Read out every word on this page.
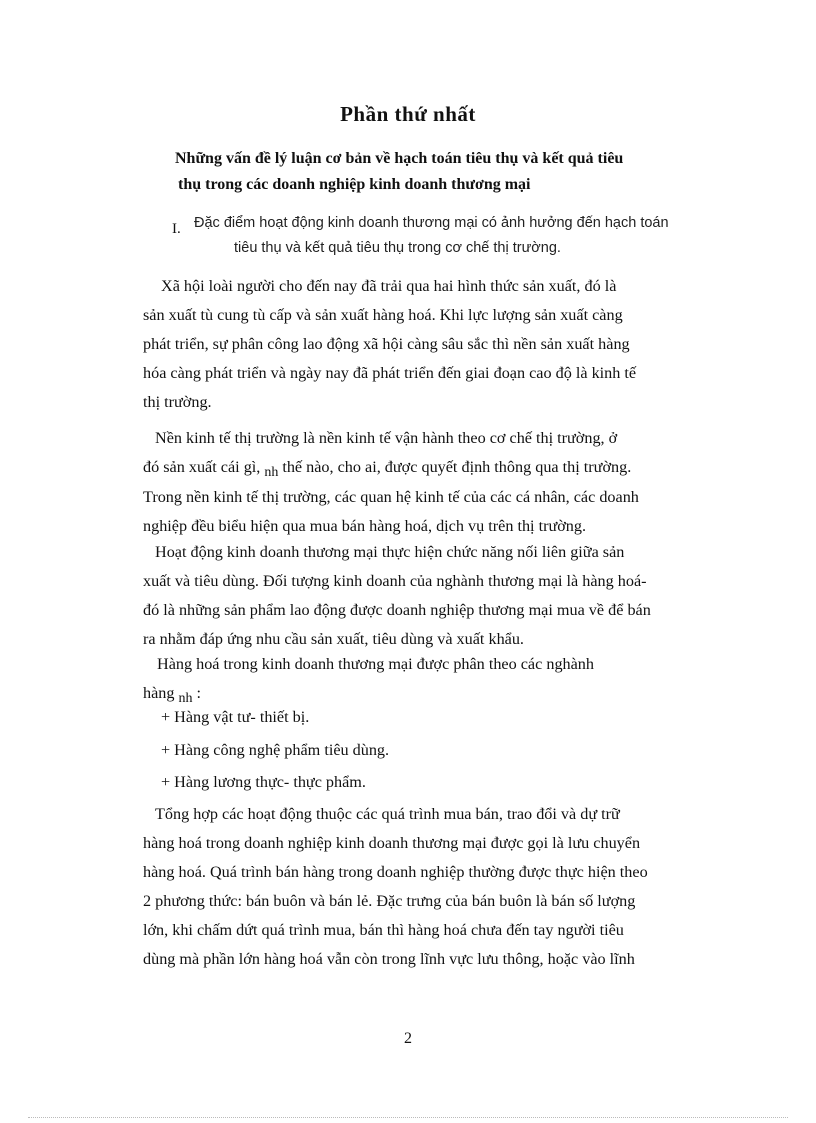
Phần thứ nhất
Những vấn đề lý luận cơ bản về hạch toán tiêu thụ và kết quả tiêu
thụ trong các doanh nghiệp kinh doanh thương mại
I. Đặc điểm hoạt động kinh doanh thương mại có ảnh hưởng đến hạch toán
tiêu thụ và kết quả tiêu thụ trong cơ chế thị trường.
Xã hội loài người cho đến nay đã trải qua hai hình thức sản xuất, đó là
sản xuất tù cung tù cấp và sản xuất hàng hoá. Khi lực lượng sản xuất càng
phát triển, sự phân công lao động xã hội càng sâu sắc thì nền sản xuất hàng
hóa càng phát triển và ngày nay đã phát triển đến giai đoạn cao độ là kinh tế
thị trường.
Nền kinh tế thị trường là nền kinh tế vận hành theo cơ chế thị trường, ở
đó sản xuất cái gì, nh thế nào, cho ai, được quyết định thông qua thị trường.
Trong nền kinh tế thị trường, các quan hệ kinh tế của các cá nhân, các doanh
nghiệp đều biểu hiện qua mua bán hàng hoá, dịch vụ trên thị trường.
Hoạt động kinh doanh thương mại thực hiện chức năng nối liên giữa sản
xuất và tiêu dùng. Đối tượng kinh doanh của nghành thương mại là hàng hoá-
đó là những sản phẩm lao động được doanh nghiệp thương mại mua về để bán
ra nhằm đáp ứng nhu cầu sản xuất, tiêu dùng và xuất khẩu.
Hàng hoá trong kinh doanh thương mại được phân theo các nghành
hàng nh :
+ Hàng vật tư- thiết bị.
+ Hàng công nghệ phẩm tiêu dùng.
+ Hàng lương thực- thực phẩm.
Tổng hợp các hoạt động thuộc các quá trình mua bán, trao đổi và dự trữ
hàng hoá trong doanh nghiệp kinh doanh thương mại được gọi là lưu chuyển
hàng hoá. Quá trình bán hàng trong doanh nghiệp thường được thực hiện theo
2 phương thức: bán buôn và bán lẻ. Đặc trưng của bán buôn là bán số lượng
lớn, khi chấm dứt quá trình mua, bán thì hàng hoá chưa đến tay người tiêu
dùng mà phần lớn hàng hoá vẫn còn trong lĩnh vực lưu thông, hoặc vào lĩnh
2
